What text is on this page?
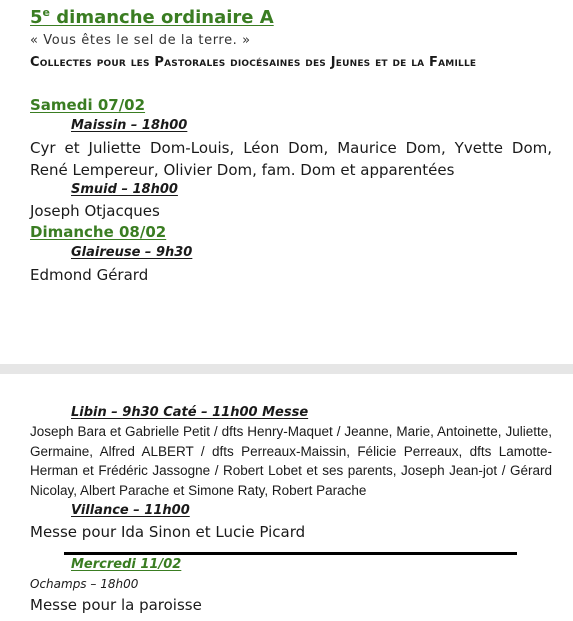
5e dimanche ordinaire A
« Vous êtes le sel de la terre. »
Collectes pour les Pastorales diocésaines des Jeunes et de la Famille
Samedi 07/02
Maissin – 18h00
Cyr et Juliette Dom-Louis, Léon Dom, Maurice Dom, Yvette Dom, René Lempereur, Olivier Dom, fam. Dom et apparentées
Smuid – 18h00
Joseph Otjacques
Dimanche 08/02
Glaireuse – 9h30
Edmond Gérard
Libin – 9h30 Caté – 11h00 Messe
Joseph Bara et Gabrielle Petit / dfts Henry-Maquet / Jeanne, Marie, Antoinette, Juliette, Germaine, Alfred ALBERT / dfts Perreaux-Maissin, Félicie Perreaux, dfts Lamotte-Herman et Frédéric Jassogne / Robert Lobet et ses parents, Joseph Jean-jot / Gérard Nicolay, Albert Parache et Simone Raty, Robert Parache
Villance – 11h00
Messe pour Ida Sinon et Lucie Picard
Mercredi 11/02
Ochamps – 18h00
Messe pour la paroisse
